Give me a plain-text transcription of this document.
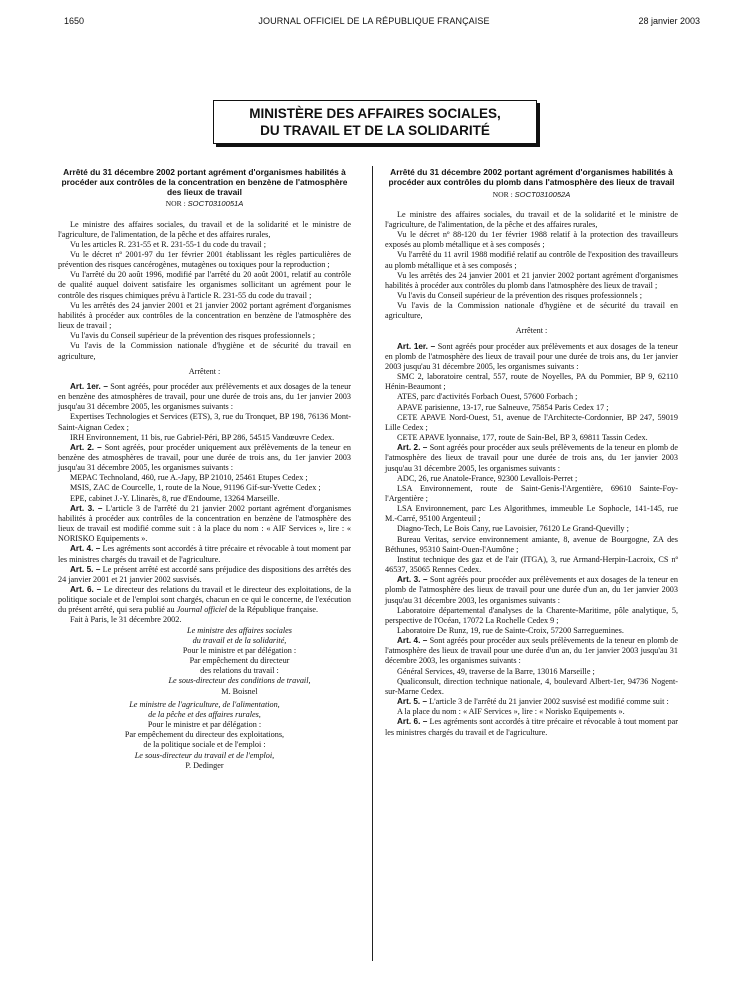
1650	JOURNAL OFFICIEL DE LA RÉPUBLIQUE FRANÇAISE	28 janvier 2003
MINISTÈRE DES AFFAIRES SOCIALES,
DU TRAVAIL ET DE LA SOLIDARITÉ
Arrêté du 31 décembre 2002 portant agrément d'organismes habilités à procéder aux contrôles de la concentration en benzène de l'atmosphère des lieux de travail
NOR : SOCT0310051A

Le ministre des affaires sociales, du travail et de la solidarité et le ministre de l'agriculture, de l'alimentation, de la pêche et des affaires rurales,

Vu les articles R. 231-55 et R. 231-55-1 du code du travail ;

Vu le décret nº 2001-97 du 1er février 2001 établissant les règles particulières de prévention des risques cancérogènes, mutagènes ou toxiques pour la reproduction ;

Vu l'arrêté du 20 août 1996, modifié par l'arrêté du 20 août 2001, relatif au contrôle de qualité auquel doivent satisfaire les organismes sollicitant un agrément pour le contrôle des risques chimiques prévu à l'article R. 231-55 du code du travail ;

Vu les arrêtés des 24 janvier 2001 et 21 janvier 2002 portant agrément d'organismes habilités à procéder aux contrôles de la concentration en benzène de l'atmosphère des lieux de travail ;

Vu l'avis du Conseil supérieur de la prévention des risques professionnels ;

Vu l'avis de la Commission nationale d'hygiène et de sécurité du travail en agriculture,

Arrêtent :

Art. 1er. – Sont agréés, pour procéder aux prélèvements et aux dosages de la teneur en benzène des atmosphères de travail, pour une durée de trois ans, du 1er janvier 2003 jusqu'au 31 décembre 2005, les organismes suivants :

Expertises Technologies et Services (ETS), 3, rue du Tronquet, BP 198, 76136 Mont-Saint-Aignan Cedex ;

IRH Environnement, 11 bis, rue Gabriel-Péri, BP 286, 54515 Vandœuvre Cedex.

Art. 2. – Sont agréés, pour procéder uniquement aux prélèvements de la teneur en benzène des atmosphères de travail, pour une durée de trois ans, du 1er janvier 2003 jusqu'au 31 décembre 2005, les organismes suivants :

MEPAC Technoland, 460, rue A.-Japy, BP 21010, 25461 Etupes Cedex ;

MSIS, ZAC de Courcelle, 1, route de la Noue, 91196 Gif-sur-Yvette Cedex ;

EPE, cabinet J.-Y. Llinarès, 8, rue d'Endoume, 13264 Marseille.

Art. 3. – L'article 3 de l'arrêté du 21 janvier 2002 portant agrément d'organismes habilités à procéder aux contrôles de la concentration en benzène de l'atmosphère des lieux de travail est modifié comme suit : à la place du nom : « AIF Services », lire : « NORISKO Equipements ».

Art. 4. – Les agréments sont accordés à titre précaire et révocable à tout moment par les ministres chargés du travail et de l'agriculture.

Art. 5. – Le présent arrêté est accordé sans préjudice des dispositions des arrêtés des 24 janvier 2001 et 21 janvier 2002 susvisés.

Art. 6. – Le directeur des relations du travail et le directeur des exploitations, de la politique sociale et de l'emploi sont chargés, chacun en ce qui le concerne, de l'exécution du présent arrêté, qui sera publié au Journal officiel de la République française.

Fait à Paris, le 31 décembre 2002.

Le ministre des affaires sociales
du travail et de la solidarité,
Pour le ministre et par délégation :
Par empêchement du directeur
des relations du travail :
Le sous-directeur des conditions de travail,
M. Boisnel
Le ministre de l'agriculture, de l'alimentation,
de la pêche et des affaires rurales,
Pour le ministre et par délégation :
Par empêchement du directeur des exploitations,
de la politique sociale et de l'emploi :
Le sous-directeur du travail et de l'emploi,
P. Dedinger
Arrêté du 31 décembre 2002 portant agrément d'organismes habilités à procéder aux contrôles du plomb dans l'atmosphère des lieux de travail
NOR : SOCT0310052A

Le ministre des affaires sociales, du travail et de la solidarité et le ministre de l'agriculture, de l'alimentation, de la pêche et des affaires rurales,

Vu le décret nº 88-120 du 1er février 1988 relatif à la protection des travailleurs exposés au plomb métallique et à ses composés ;

Vu l'arrêté du 11 avril 1988 modifié relatif au contrôle de l'exposition des travailleurs au plomb métallique et à ses composés ;

Vu les arrêtés des 24 janvier 2001 et 21 janvier 2002 portant agrément d'organismes habilités à procéder aux contrôles du plomb dans l'atmosphère des lieux de travail ;

Vu l'avis du Conseil supérieur de la prévention des risques professionnels ;

Vu l'avis de la Commission nationale d'hygiène et de sécurité du travail en agriculture,

Arrêtent :

Art. 1er. – Sont agréés pour procéder aux prélèvements et aux dosages de la teneur en plomb de l'atmosphère des lieux de travail pour une durée de trois ans, du 1er janvier 2003 jusqu'au 31 décembre 2005, les organismes suivants :

SMC 2, laboratoire central, 557, route de Noyelles, PA du Pommier, BP 9, 62110 Hénin-Beaumont ;

ATES, parc d'activités Forbach Ouest, 57600 Forbach ;

APAVE parisienne, 13-17, rue Salneuve, 75854 Paris Cedex 17 ;

CETE APAVE Nord-Ouest, 51, avenue de l'Architecte-Cordonnier, BP 247, 59019 Lille Cedex ;

CETE APAVE lyonnaise, 177, route de Sain-Bel, BP 3, 69811 Tassin Cedex.

Art. 2. – Sont agréés pour procéder aux seuls prélèvements de la teneur en plomb de l'atmosphère des lieux de travail pour une durée de trois ans, du 1er janvier 2003 jusqu'au 31 décembre 2005, les organismes suivants :

ADC, 26, rue Anatole-France, 92300 Levallois-Perret ;

LSA Environnement, route de Saint-Genis-l'Argentière, 69610 Sainte-Foy-l'Argentière ;

LSA Environnement, parc Les Algorithmes, immeuble Le Sophocle, 141-145, rue M.-Carré, 95100 Argenteuil ;

Diagno-Tech, Le Bois Cany, rue Lavoisier, 76120 Le Grand-Quevilly ;

Bureau Veritas, service environnement amiante, 8, avenue de Bourgogne, ZA des Béthunes, 95310 Saint-Ouen-l'Aumône ;

Institut technique des gaz et de l'air (ITGA), 3, rue Armand-Herpin-Lacroix, CS nº 46537, 35065 Rennes Cedex.

Art. 3. – Sont agréés pour procéder aux prélèvements et aux dosages de la teneur en plomb de l'atmosphère des lieux de travail pour une durée d'un an, du 1er janvier 2003 jusqu'au 31 décembre 2003, les organismes suivants :

Laboratoire départemental d'analyses de la Charente-Maritime, pôle analytique, 5, perspective de l'Océan, 17072 La Rochelle Cedex 9 ;

Laboratoire De Runz, 19, rue de Sainte-Croix, 57200 Sarreguemines.

Art. 4. – Sont agréés pour procéder aux seuls prélèvements de la teneur en plomb de l'atmosphère des lieux de travail pour une durée d'un an, du 1er janvier 2003 jusqu'au 31 décembre 2003, les organismes suivants :

Général Services, 49, traverse de la Barre, 13016 Marseille ;

Qualiconsult, direction technique nationale, 4, boulevard Albert-1er, 94736 Nogent-sur-Marne Cedex.

Art. 5. – L'article 3 de l'arrêté du 21 janvier 2002 susvisé est modifié comme suit :

A la place du nom : « AIF Services », lire : « Norisko Equipements ».

Art. 6. – Les agréments sont accordés à titre précaire et révocable à tout moment par les ministres chargés du travail et de l'agriculture.
